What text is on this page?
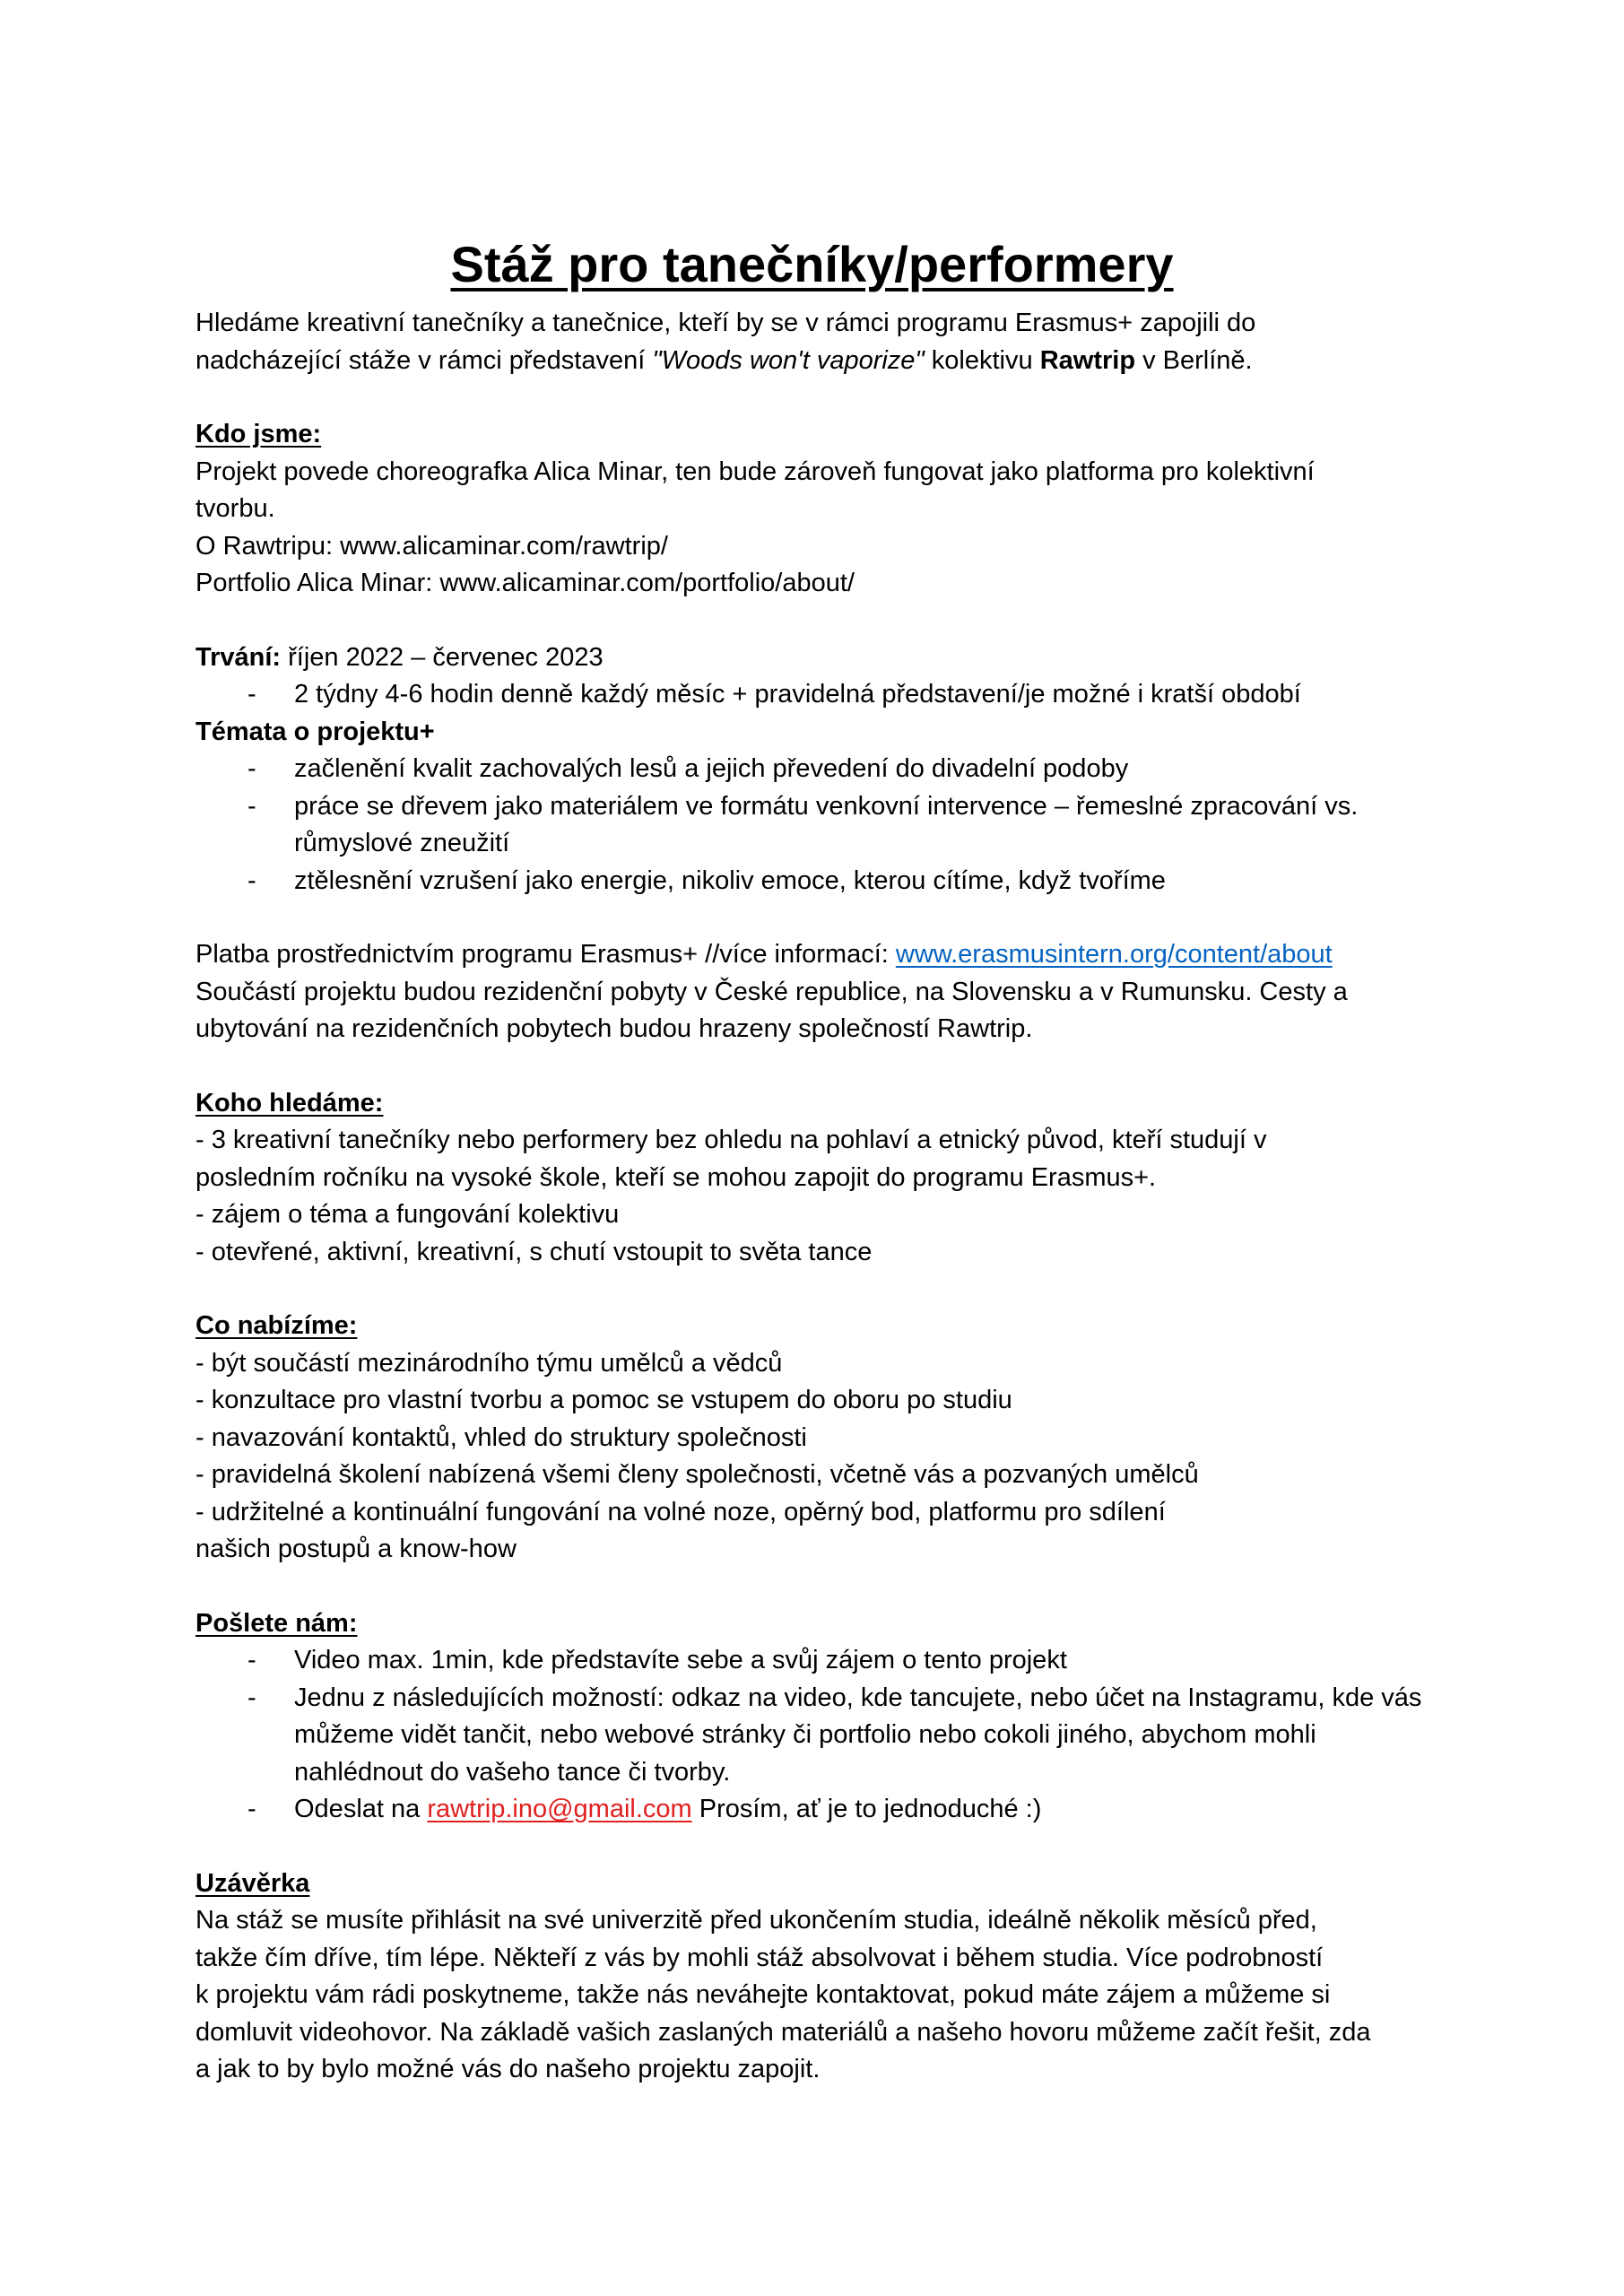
Stáž pro tanečníky/performery

Hledáme kreativní tanečníky a tanečnice, kteří by se v rámci programu Erasmus+ zapojili do

nadcházející stáže v rámci představení "Woods won't vaporize" kolektivu Rawtrip v Berlíně.

Kdo jsme:

Projekt povede choreografka Alica Minar, ten bude zároveň fungovat jako platforma pro kolektivní

tvorbu.

O Rawtripu: www.alicaminar.com/rawtrip/

Portfolio Alica Minar: www.alicaminar.com/portfolio/about/

Trvání: říjen 2022 – červenec 2023

- 2 týdny 4-6 hodin denně každý měsíc + pravidelná představení/je možné i kratší období

Témata o projektu+

- začlenění kvalit zachovalých lesů a jejich převedení do divadelní podoby
- práce se dřevem jako materiálem ve formátu venkovní intervence – řemeslné zpracování vs. růmyslové zneužití
- ztělesnění vzrušení jako energie, nikoliv emoce, kterou cítíme, když tvoříme

Platba prostřednictvím programu Erasmus+ //více informací: www.erasmusintern.org/content/about

Součástí projektu budou rezidenční pobyty v České republice, na Slovensku a v Rumunsku. Cesty a

ubytování na rezidenčních pobytech budou hrazeny společností Rawtrip.

Koho hledáme:

- 3 kreativní tanečníky nebo performery bez ohledu na pohlaví a etnický původ, kteří studují v

posledním ročníku na vysoké škole, kteří se mohou zapojit do programu Erasmus+.

- zájem o téma a fungování kolektivu

- otevřené, aktivní, kreativní, s chutí vstoupit to světa tance

Co nabízíme:

- být součástí mezinárodního týmu umělců a vědců

- konzultace pro vlastní tvorbu a pomoc se vstupem do oboru po studiu

- navazování kontaktů, vhled do struktury společnosti

- pravidelná školení nabízená všemi členy společnosti, včetně vás a pozvaných umělců

- udržitelné a kontinuální fungování na volné noze, opěrný bod, platformu pro sdílení

našich postupů a know-how

Pošlete nám:

- Video max. 1min, kde představíte sebe a svůj zájem o tento projekt
- Jednu z následujících možností: odkaz na video, kde tancujete, nebo účet na Instagramu, kde vás můžeme vidět tančit, nebo webové stránky či portfolio nebo cokoli jiného, abychom mohli nahlédnout do vašeho tance či tvorby.
- Odeslat na rawtrip.ino@gmail.com Prosím, ať je to jednoduché :)

Uzávěrka

Na stáž se musíte přihlásit na své univerzitě před ukončením studia, ideálně několik měsíců před,

takže čím dříve, tím lépe. Někteří z vás by mohli stáž absolvovat i během studia. Více podrobností

k projektu vám rádi poskytneme, takže nás neváhejte kontaktovat, pokud máte zájem a můžeme si

domluvit videohovor. Na základě vašich zaslaných materiálů a našeho hovoru můžeme začít řešit, zda

a jak to by bylo možné vás do našeho projektu zapojit.
